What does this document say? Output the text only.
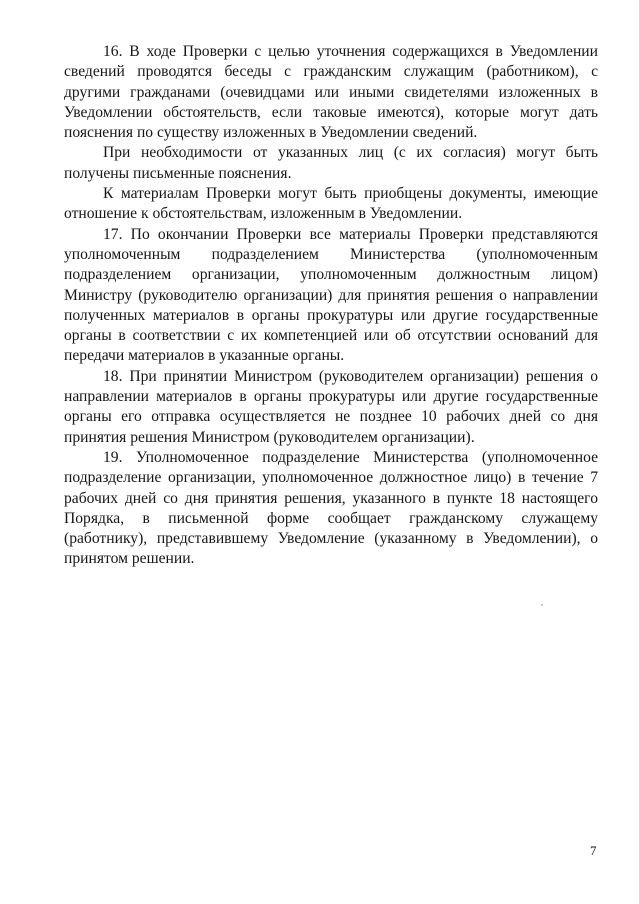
16. В ходе Проверки с целью уточнения содержащихся в Уведомлении сведений проводятся беседы с гражданским служащим (работником), с другими гражданами (очевидцами или иными свидетелями изложенных в Уведомлении обстоятельств, если таковые имеются), которые могут дать пояснения по существу изложенных в Уведомлении сведений.

При необходимости от указанных лиц (с их согласия) могут быть получены письменные пояснения.

К материалам Проверки могут быть приобщены документы, имеющие отношение к обстоятельствам, изложенным в Уведомлении.

17. По окончании Проверки все материалы Проверки представляются уполномоченным подразделением Министерства (уполномоченным подразделением организации, уполномоченным должностным лицом) Министру (руководителю организации) для принятия решения о направлении полученных материалов в органы прокуратуры или другие государственные органы в соответствии с их компетенцией или об отсутствии оснований для передачи материалов в указанные органы.

18. При принятии Министром (руководителем организации) решения о направлении материалов в органы прокуратуры или другие государственные органы его отправка осуществляется не позднее 10 рабочих дней со дня принятия решения Министром (руководителем организации).

19. Уполномоченное подразделение Министерства (уполномоченное подразделение организации, уполномоченное должностное лицо) в течение 7 рабочих дней со дня принятия решения, указанного в пункте 18 настоящего Порядка, в письменной форме сообщает гражданскому служащему (работнику), представившему Уведомление (указанному в Уведомлении), о принятом решении.

7
